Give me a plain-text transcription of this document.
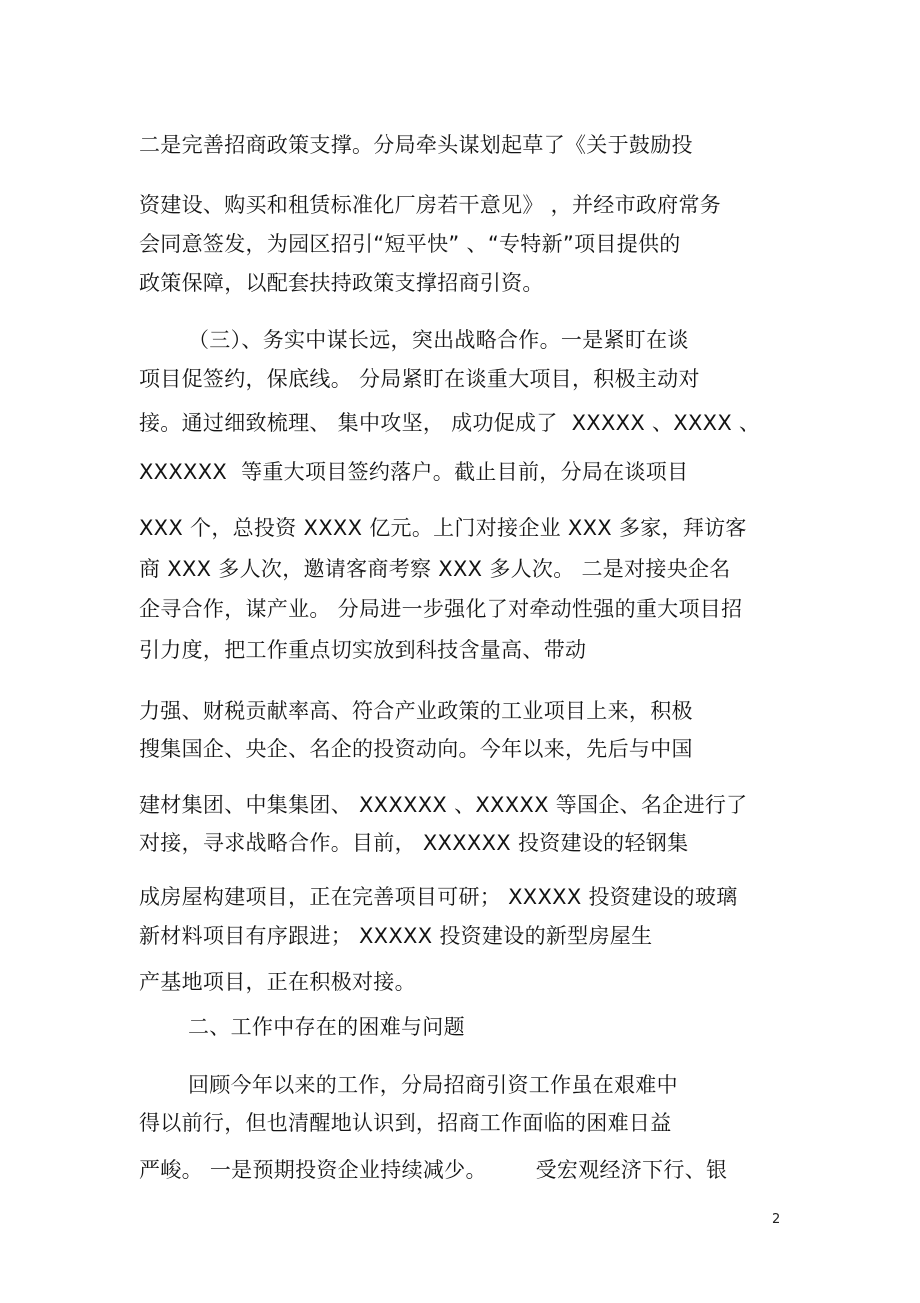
二是完善招商政策支撑。分局牵头谋划起草了《关于鼓励投
资建设、购买和租赁标准化厂房若干意见》 ，并经市政府常务
会同意签发，为园区招引“短平快” 、“专特新”项目提供的
政策保障，以配套扶持政策支撑招商引资。
（三）、务实中谋长远，突出战略合作。一是紧盯在谈
项目促签约，保底线。 分局紧盯在谈重大项目，积极主动对
接。通过细致梳理、 集中攻坚， 成功促成了  XXXXX 、XXXX 、
XXXXXX  等重大项目签约落户。截止目前，分局在谈项目
XXX 个，总投资 XXXX 亿元。上门对接企业 XXX 多家，拜访客
商 XXX 多人次，邀请客商考察 XXX 多人次。 二是对接央企名
企寻合作，谋产业。 分局进一步强化了对牵动性强的重大项目招
引力度，把工作重点切实放到科技含量高、带动
力强、财税贡献率高、符合产业政策的工业项目上来，积极
搜集国企、央企、名企的投资动向。今年以来，先后与中国
建材集团、中集集团、 XXXXXX 、XXXXX 等国企、名企进行了
对接，寻求战略合作。目前， XXXXXX 投资建设的轻钢集
成房屋构建项目，正在完善项目可研； XXXXX 投资建设的玻璃
新材料项目有序跟进； XXXXX 投资建设的新型房屋生
产基地项目，正在积极对接。
二、工作中存在的困难与问题
回顾今年以来的工作，分局招商引资工作虽在艰难中
得以前行，但也清醒地认识到，招商工作面临的困难日益
严峻。 一是预期投资企业持续减少。       受宏观经济下行、银
2
